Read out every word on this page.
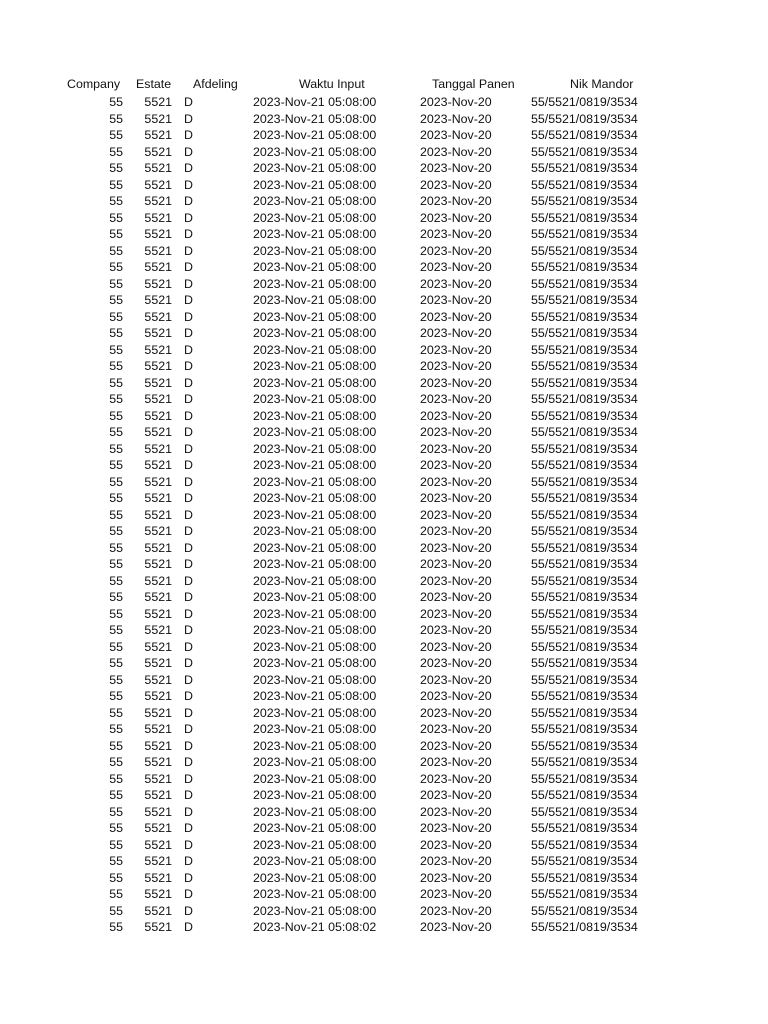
Company Estate Afdeling	Waktu Input	Tanggal Panen	Nik Mandor
55 5521 D	2023-Nov-21 05:08:00	2023-Nov-20	55/5521/0819/3534
55 5521 D	2023-Nov-21 05:08:00	2023-Nov-20	55/5521/0819/3534
55 5521 D	2023-Nov-21 05:08:00	2023-Nov-20	55/5521/0819/3534
55 5521 D	2023-Nov-21 05:08:00	2023-Nov-20	55/5521/0819/3534
55 5521 D	2023-Nov-21 05:08:00	2023-Nov-20	55/5521/0819/3534
55 5521 D	2023-Nov-21 05:08:00	2023-Nov-20	55/5521/0819/3534
55 5521 D	2023-Nov-21 05:08:00	2023-Nov-20	55/5521/0819/3534
55 5521 D	2023-Nov-21 05:08:00	2023-Nov-20	55/5521/0819/3534
55 5521 D	2023-Nov-21 05:08:00	2023-Nov-20	55/5521/0819/3534
55 5521 D	2023-Nov-21 05:08:00	2023-Nov-20	55/5521/0819/3534
55 5521 D	2023-Nov-21 05:08:00	2023-Nov-20	55/5521/0819/3534
55 5521 D	2023-Nov-21 05:08:00	2023-Nov-20	55/5521/0819/3534
55 5521 D	2023-Nov-21 05:08:00	2023-Nov-20	55/5521/0819/3534
55 5521 D	2023-Nov-21 05:08:00	2023-Nov-20	55/5521/0819/3534
55 5521 D	2023-Nov-21 05:08:00	2023-Nov-20	55/5521/0819/3534
55 5521 D	2023-Nov-21 05:08:00	2023-Nov-20	55/5521/0819/3534
55 5521 D	2023-Nov-21 05:08:00	2023-Nov-20	55/5521/0819/3534
55 5521 D	2023-Nov-21 05:08:00	2023-Nov-20	55/5521/0819/3534
55 5521 D	2023-Nov-21 05:08:00	2023-Nov-20	55/5521/0819/3534
55 5521 D	2023-Nov-21 05:08:00	2023-Nov-20	55/5521/0819/3534
55 5521 D	2023-Nov-21 05:08:00	2023-Nov-20	55/5521/0819/3534
55 5521 D	2023-Nov-21 05:08:00	2023-Nov-20	55/5521/0819/3534
55 5521 D	2023-Nov-21 05:08:00	2023-Nov-20	55/5521/0819/3534
55 5521 D	2023-Nov-21 05:08:00	2023-Nov-20	55/5521/0819/3534
55 5521 D	2023-Nov-21 05:08:00	2023-Nov-20	55/5521/0819/3534
55 5521 D	2023-Nov-21 05:08:00	2023-Nov-20	55/5521/0819/3534
55 5521 D	2023-Nov-21 05:08:00	2023-Nov-20	55/5521/0819/3534
55 5521 D	2023-Nov-21 05:08:00	2023-Nov-20	55/5521/0819/3534
55 5521 D	2023-Nov-21 05:08:00	2023-Nov-20	55/5521/0819/3534
55 5521 D	2023-Nov-21 05:08:00	2023-Nov-20	55/5521/0819/3534
55 5521 D	2023-Nov-21 05:08:00	2023-Nov-20	55/5521/0819/3534
55 5521 D	2023-Nov-21 05:08:00	2023-Nov-20	55/5521/0819/3534
55 5521 D	2023-Nov-21 05:08:00	2023-Nov-20	55/5521/0819/3534
55 5521 D	2023-Nov-21 05:08:00	2023-Nov-20	55/5521/0819/3534
55 5521 D	2023-Nov-21 05:08:00	2023-Nov-20	55/5521/0819/3534
55 5521 D	2023-Nov-21 05:08:00	2023-Nov-20	55/5521/0819/3534
55 5521 D	2023-Nov-21 05:08:00	2023-Nov-20	55/5521/0819/3534
55 5521 D	2023-Nov-21 05:08:00	2023-Nov-20	55/5521/0819/3534
55 5521 D	2023-Nov-21 05:08:00	2023-Nov-20	55/5521/0819/3534
55 5521 D	2023-Nov-21 05:08:00	2023-Nov-20	55/5521/0819/3534
55 5521 D	2023-Nov-21 05:08:00	2023-Nov-20	55/5521/0819/3534
55 5521 D	2023-Nov-21 05:08:00	2023-Nov-20	55/5521/0819/3534
55 5521 D	2023-Nov-21 05:08:00	2023-Nov-20	55/5521/0819/3534
55 5521 D	2023-Nov-21 05:08:00	2023-Nov-20	55/5521/0819/3534
55 5521 D	2023-Nov-21 05:08:00	2023-Nov-20	55/5521/0819/3534
55 5521 D	2023-Nov-21 05:08:00	2023-Nov-20	55/5521/0819/3534
55 5521 D	2023-Nov-21 05:08:00	2023-Nov-20	55/5521/0819/3534
55 5521 D	2023-Nov-21 05:08:00	2023-Nov-20	55/5521/0819/3534
55 5521 D	2023-Nov-21 05:08:00	2023-Nov-20	55/5521/0819/3534
55 5521 D	2023-Nov-21 05:08:00	2023-Nov-20	55/5521/0819/3534
55 5521 D	2023-Nov-21 05:08:02	2023-Nov-20	55/5521/0819/3534
